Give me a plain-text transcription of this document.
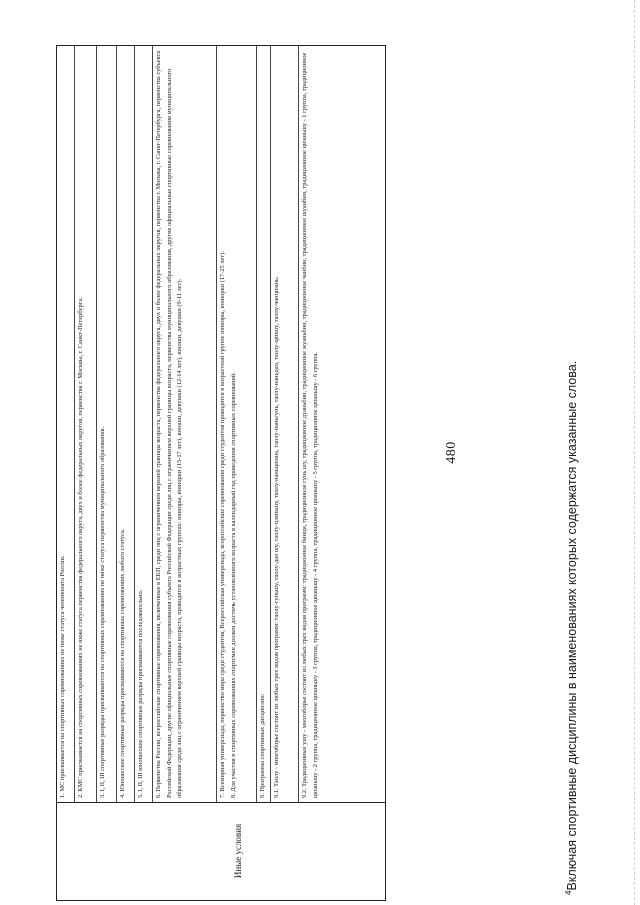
Иные условия
1. МС присваивается на спортивных соревнованиях не ниже статуса чемпионата России.	2. КМС присваивается на спортивных соревнованиях не ниже статуса первенства федерального округа, двух и более федеральных округов, первенства г. Москвы, г. Санкт-Петербурга.	3. I, II, III спортивные разряды присваиваются на спортивных соревнованиях не ниже статуса первенства муниципального образования.	4. Юношеские спортивные разряды присваиваются на спортивных соревнованиях любого статуса.	5. I, II, III юношеские спортивные разряды присваиваются последовательно.	6. Первенства России, всероссийские спортивные соревнования, включенные в ЕКП, среди лиц с ограничением верхней границы возраста, первенства федерального округа, двух и более федеральных округов, первенства г. Москвы, г. Санкт-Петербурга, первенства субъекта Российской Федерации, другие официальные спортивные соревнования субъекта Российской Федерации среди лиц с ограничением верхней границы возраста, первенства муниципального образования, другие официальные спортивные соревнования муниципального образования среди лиц с ограничением верхней границы возраста, проводятся в возрастных группах: юниоры, юниорки (15-17 лет), юноши, девушки (12-14 лет), юноши, девушки (9-11 лет).	7. Всемирная универсиада, первенство мира среди студентов, Всероссийская универсиада, всероссийские соревнования среди студентов проводятся в возрастной группе юниоры, юниорки (17-25 лет). 8. Для участия в спортивных соревнованиях спортсмен должен достичь установленного возраста в календарный год проведения спортивных соревнований.	9. Программа спортивных дисциплин:	9.1. Таолу - многоборье состоит из любых трех видов программ: таолу-гуньшу, таолу-дао шу, таолу-цзяньшу, таолу-наньцюань, таолу-наньгунь, таолу-наньдао, таолу-цяншу, таолу-чанцюань.	9.2. Традиционные ушу - многоборье состоит из любых трех видов программ: традиционное бинци, традиционное гунь шу, традиционное дуаньбин, традиционное жуаньбин, традиционное чанбин, традиционное шуанбин, традиционное цюаньшу - 1 группа, традиционное цюаньшу - 2 группа, традиционное цюаньшу - 3 группа, традиционное цюаньшу - 4 группа, традиционное цюаньшу - 5 группа, традиционное цюаньшу - 6 группа.	480
$^4$Включая спортивные дисциплины в наименованиях которых содержатся указанные слова.
